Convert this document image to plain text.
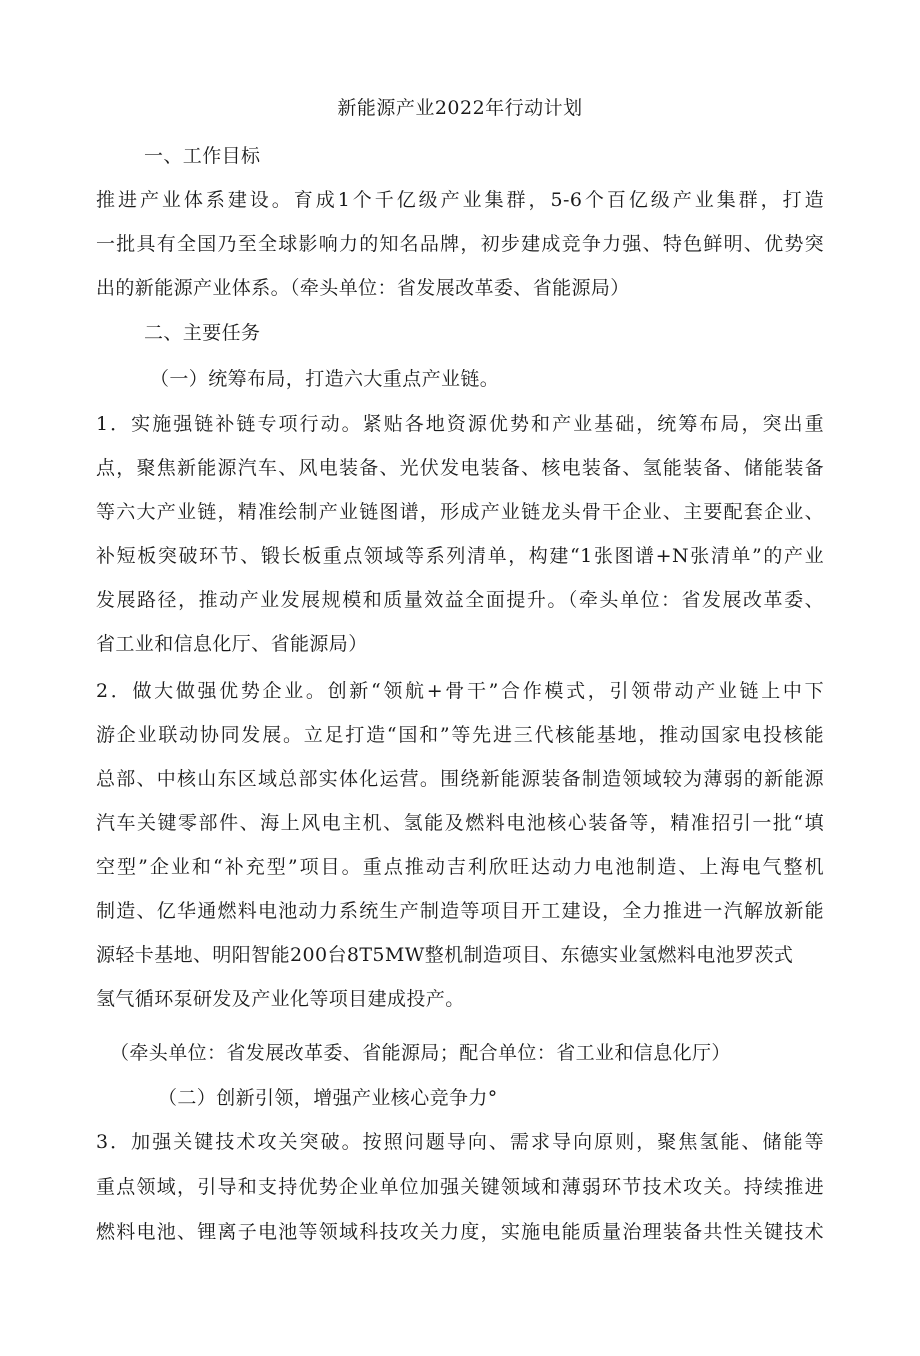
新能源产业2022年行动计划
一、工作目标
推进产业体系建设。育成1个千亿级产业集群，5-6个百亿级产业集群，打造
一批具有全国乃至全球影响力的知名品牌，初步建成竞争力强、特色鲜明、优势突
出的新能源产业体系。（牵头单位：省发展改革委、省能源局）
二、主要任务
（一）统筹布局，打造六大重点产业链。
1．实施强链补链专项行动。紧贴各地资源优势和产业基础，统筹布局，突出重
点，聚焦新能源汽车、风电装备、光伏发电装备、核电装备、氢能装备、储能装备
等六大产业链，精准绘制产业链图谱，形成产业链龙头骨干企业、主要配套企业、
补短板突破环节、锻长板重点领域等系列清单，构建“1张图谱+N张清单”的产业
发展路径，推动产业发展规模和质量效益全面提升。（牵头单位：省发展改革委、
省工业和信息化厅、省能源局）
2．做大做强优势企业。创新“领航+骨干”合作模式，引领带动产业链上中下
游企业联动协同发展。立足打造“国和”等先进三代核能基地，推动国家电投核能
总部、中核山东区域总部实体化运营。围绕新能源装备制造领域较为薄弱的新能源
汽车关键零部件、海上风电主机、氢能及燃料电池核心装备等，精准招引一批“填
空型”企业和“补充型”项目。重点推动吉利欣旺达动力电池制造、上海电气整机
制造、亿华通燃料电池动力系统生产制造等项目开工建设，全力推进一汽解放新能
源轻卡基地、明阳智能200台8T5MW整机制造项目、东德实业氢燃料电池罗茨式
氢气循环泵研发及产业化等项目建成投产。
（牵头单位：省发展改革委、省能源局；配合单位：省工业和信息化厅）
（二）创新引领，增强产业核心竞争力°
3．加强关键技术攻关突破。按照问题导向、需求导向原则，聚焦氢能、储能等
重点领域，引导和支持优势企业单位加强关键领域和薄弱环节技术攻关。持续推进
燃料电池、锂离子电池等领域科技攻关力度，实施电能质量治理装备共性关键技术
